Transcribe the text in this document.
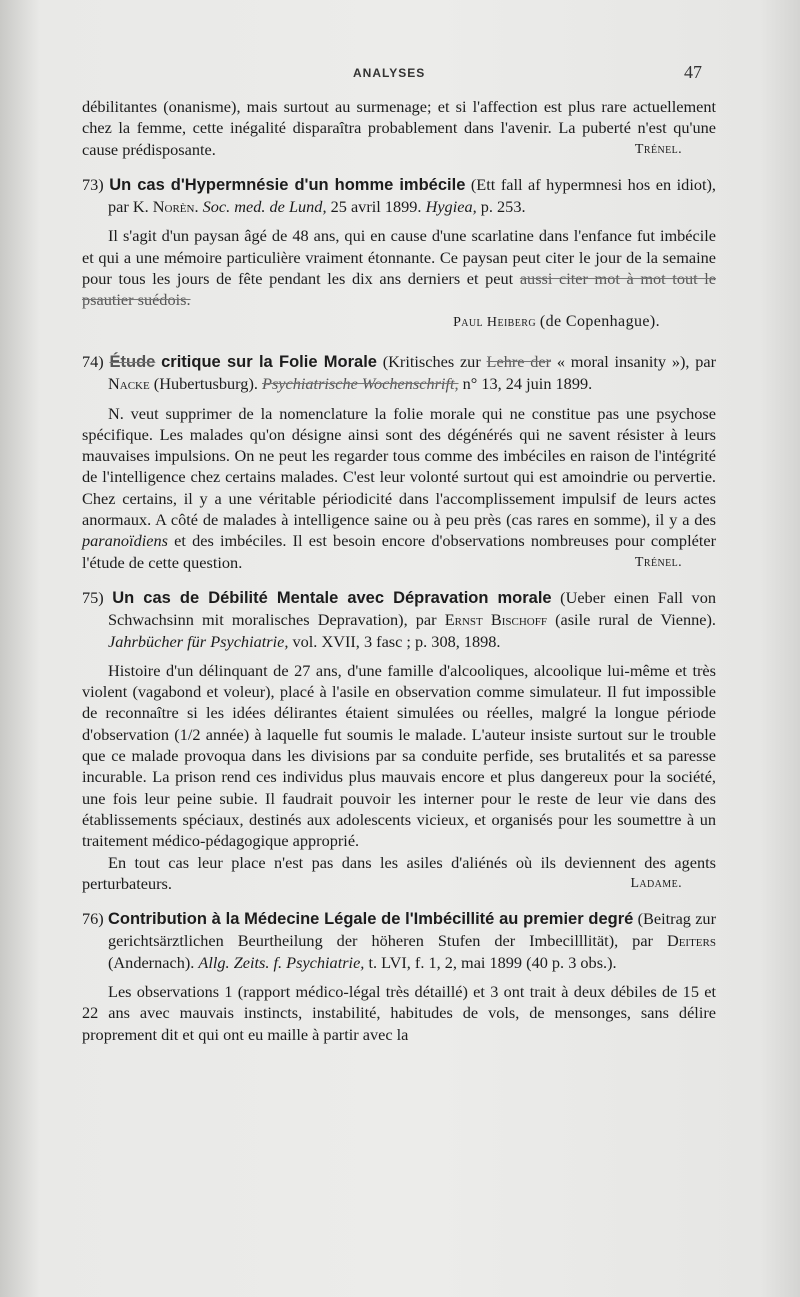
ANALYSES	47

débilitantes (onanisme), mais surtout au surmenage; et si l'affection est plus rare actuellement chez la femme, cette inégalité disparaîtra probablement dans l'avenir. La puberté n'est qu'une cause prédisposante.	Trénel.

73) Un cas d'Hypermnésie d'un homme imbécile (Ett fall af hypermnesi hos en idiot), par K. Norèn. Soc. med. de Lund, 25 avril 1899. Hygiea, p. 253.

Il s'agit d'un paysan âgé de 48 ans, qui en cause d'une scarlatine dans l'enfance fut imbécile et qui a une mémoire particulière vraiment étonnante. Ce paysan peut citer le jour de la semaine pour tous les jours de fête pendant les dix ans derniers et peut aussi citer mot à mot tout le psautier suédois.

Paul Heiberg (de Copenhague).

74) Étude critique sur la Folie Morale (Kritisches zur Lehre der « moral insanity »), par Nacke (Hubertusburg). Psychiatrische Wochenschrift, n° 13, 24 juin 1899.

N. veut supprimer de la nomenclature la folie morale qui ne constitue pas une psychose spécifique. Les malades qu'on désigne ainsi sont des dégénérés qui ne savent résister à leurs mauvaises impulsions. On ne peut les regarder tous comme des imbéciles en raison de l'intégrité de l'intelligence chez certains malades. C'est leur volonté surtout qui est amoindrie ou pervertie. Chez certains, il y a une véritable périodicité dans l'accomplissement impulsif de leurs actes anormaux. A côté de malades à intelligence saine ou à peu près (cas rares en somme), il y a des paranoïdiens et des imbéciles. Il est besoin encore d'observations nombreuses pour compléter l'étude de cette question.	Trénel.

75) Un cas de Débilité Mentale avec Dépravation morale (Ueber einen Fall von Schwachsinn mit moralisches Depravation), par Ernst Bischoff (asile rural de Vienne). Jahrbücher für Psychiatrie, vol. XVII, 3 fasc ; p. 308, 1898.

Histoire d'un délinquant de 27 ans, d'une famille d'alcooliques, alcoolique lui-même et très violent (vagabond et voleur), placé à l'asile en observation comme simulateur. Il fut impossible de reconnaître si les idées délirantes étaient simulées ou réelles, malgré la longue période d'observation (1/2 année) à laquelle fut soumis le malade. L'auteur insiste surtout sur le trouble que ce malade provoqua dans les divisions par sa conduite perfide, ses brutalités et sa paresse incurable. La prison rend ces individus plus mauvais encore et plus dangereux pour la société, une fois leur peine subie. Il faudrait pouvoir les interner pour le reste de leur vie dans des établissements spéciaux, destinés aux adolescents vicieux, et organisés pour les soumettre à un traitement médico-pédagogique approprié.

En tout cas leur place n'est pas dans les asiles d'aliénés où ils deviennent des agents perturbateurs.	Ladame.

76) Contribution à la Médecine Légale de l'Imbécillité au premier degré (Beitrag zur gerichtsärztlichen Beurtheilung der höheren Stufen der Imbecilllität), par Deiters (Andernach). Allg. Zeits. f. Psychiatrie, t. LVI, f. 1, 2, mai 1899 (40 p. 3 obs.).

Les observations 1 (rapport médico-légal très détaillé) et 3 ont trait à deux débiles de 15 et 22 ans avec mauvais instincts, instabilité, habitudes de vols, de mensonges, sans délire proprement dit et qui ont eu maille à partir avec la
